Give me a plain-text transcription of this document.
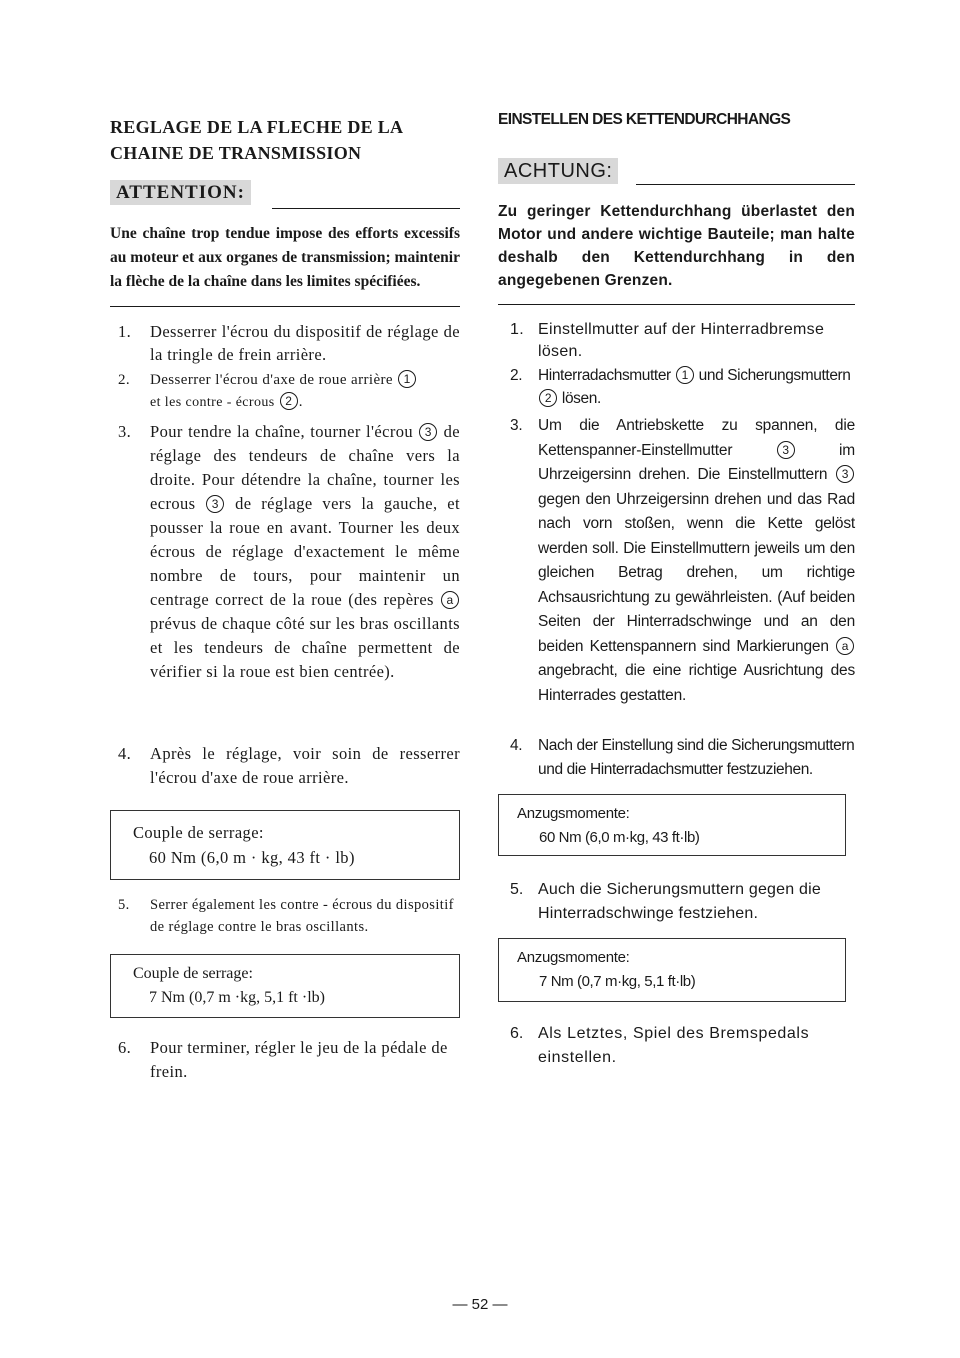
REGLAGE DE LA FLECHE DE LA
CHAINE DE TRANSMISSION

ATTENTION:

Une chaîne trop tendue impose des efforts excessifs au moteur et aux organes de transmission; maintenir la flèche de la chaîne dans les limites spécifiées.

1. Desserrer l'écrou du dispositif de réglage de la tringle de frein arrière.
2. Desserrer l'écrou d'axe de roue arrière 1
et les contre - écrous 2 .
3. Pour tendre la chaîne, tourner l'écrou 3 de réglage des tendeurs de chaîne vers la droite. Pour détendre la chaîne, tourner les ecrous 3 de réglage vers la gauche, et pousser la roue en avant. Tourner les deux écrous de réglage d'exactement le même nombre de tours, pour maintenir un centrage correct de la roue (des repères a prévus de chaque côté sur les bras oscillants et les tendeurs de chaîne permettent de vérifier si la roue est bien centrée).
4. Après le réglage, voir soin de resserrer l'écrou d'axe de roue arrière.
Couple de serrage:
60 Nm (6,0 m · kg, 43 ft · lb)
5. Serrer également les contre - écrous du dispositif de réglage contre le bras oscillants.
Couple de serrage:
7 Nm (0,7 m ·kg, 5,1 ft ·lb)
6. Pour terminer, régler le jeu de la pédale de frein.

EINSTELLEN DES KETTENDURCHHANGS

ACHTUNG:

Zu geringer Kettendurchhang überlastet den Motor und andere wichtige Bauteile; man halte deshalb den Kettendurchhang in den angegebenen Grenzen.

1. Einstellmutter auf der Hinterradbremse lösen.
2. Hinterradachsmutter 1 und Sicherungsmuttern 2 lösen.
3. Um die Antriebskette zu spannen, die Kettenspanner-Einstellmutter	3	im Uhrzeigersinn drehen. Die Einstellmuttern 3 gegen den Uhrzeigersinn drehen und das Rad nach vorn stoßen, wenn die Kette gelöst werden soll. Die Einstellmuttern jeweils um den gleichen Betrag drehen, um richtige Achsausrichtung zu gewährleisten. (Auf beiden Seiten der Hinterradschwinge und an den beiden Kettenspannern sind Markierungen a angebracht, die eine richtige Ausrichtung des Hinterrades gestatten.
4. Nach der Einstellung sind die Sicherungsmuttern und die Hinterradachsmutter festzuziehen.
Anzugsmomente:
60 Nm (6,0 m·kg, 43 ft·lb)
5. Auch die Sicherungsmuttern gegen die Hinterradschwinge festziehen.
Anzugsmomente:
7 Nm (0,7 m·kg, 5,1 ft·lb)
6. Als Letztes, Spiel des Bremspedals einstellen.
— 52 —
